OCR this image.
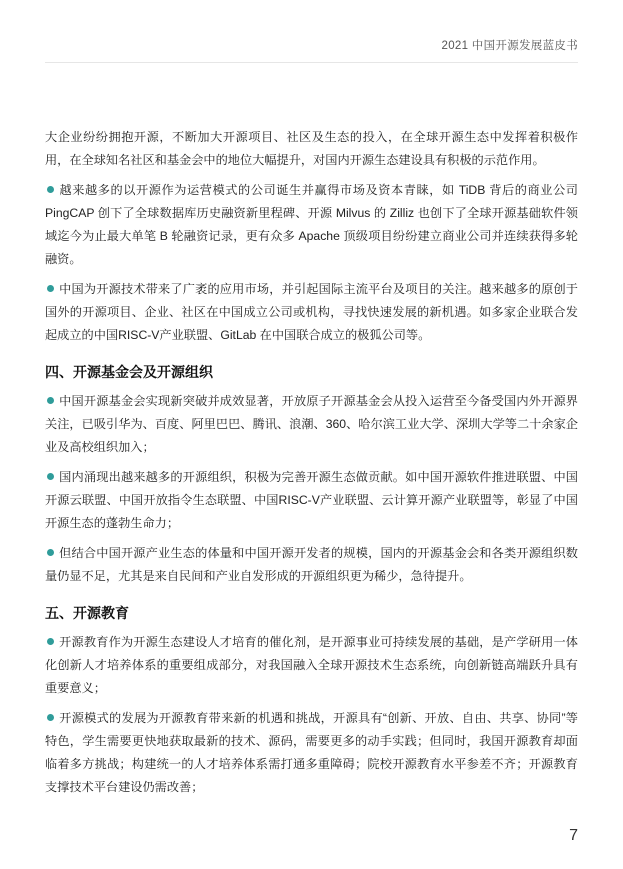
2021 中国开源发展蓝皮书

大企业纷纷拥抱开源，不断加大开源项目、社区及生态的投入，在全球开源生态中发挥着积极作用，在全球知名社区和基金会中的地位大幅提升，对国内开源生态建设具有积极的示范作用。

越来越多的以开源作为运营模式的公司诞生并赢得市场及资本青睐，如 TiDB 背后的商业公司 PingCAP 创下了全球数据库历史融资新里程碑、开源 Milvus 的 Zilliz 也创下了全球开源基础软件领域迄今为止最大单笔 B 轮融资记录，更有众多 Apache 顶级项目纷纷建立商业公司并连续获得多轮融资。

中国为开源技术带来了广袤的应用市场，并引起国际主流平台及项目的关注。越来越多的原创于国外的开源项目、企业、社区在中国成立公司或机构，寻找快速发展的新机遇。如多家企业联合发起成立的中国RISC-V产业联盟、GitLab 在中国联合成立的极狐公司等。

四、开源基金会及开源组织

中国开源基金会实现新突破并成效显著，开放原子开源基金会从投入运营至今备受国内外开源界关注，已吸引华为、百度、阿里巴巴、腾讯、浪潮、360、哈尔滨工业大学、深圳大学等二十余家企业及高校组织加入；

国内涌现出越来越多的开源组织，积极为完善开源生态做贡献。如中国开源软件推进联盟、中国开源云联盟、中国开放指令生态联盟、中国RISC-V产业联盟、云计算开源产业联盟等，彰显了中国开源生态的蓬勃生命力；

但结合中国开源产业生态的体量和中国开源开发者的规模，国内的开源基金会和各类开源组织数量仍显不足，尤其是来自民间和产业自发形成的开源组织更为稀少，急待提升。

五、开源教育

开源教育作为开源生态建设人才培育的催化剂，是开源事业可持续发展的基础，是产学研用一体化创新人才培养体系的重要组成部分，对我国融入全球开源技术生态系统，向创新链高端跃升具有重要意义；

开源模式的发展为开源教育带来新的机遇和挑战，开源具有“创新、开放、自由、共享、协同”等特色，学生需要更快地获取最新的技术、源码，需要更多的动手实践；但同时，我国开源教育却面临着多方挑战；构建统一的人才培养体系需打通多重障碍；院校开源教育水平参差不齐；开源教育支撑技术平台建设仍需改善；

7
